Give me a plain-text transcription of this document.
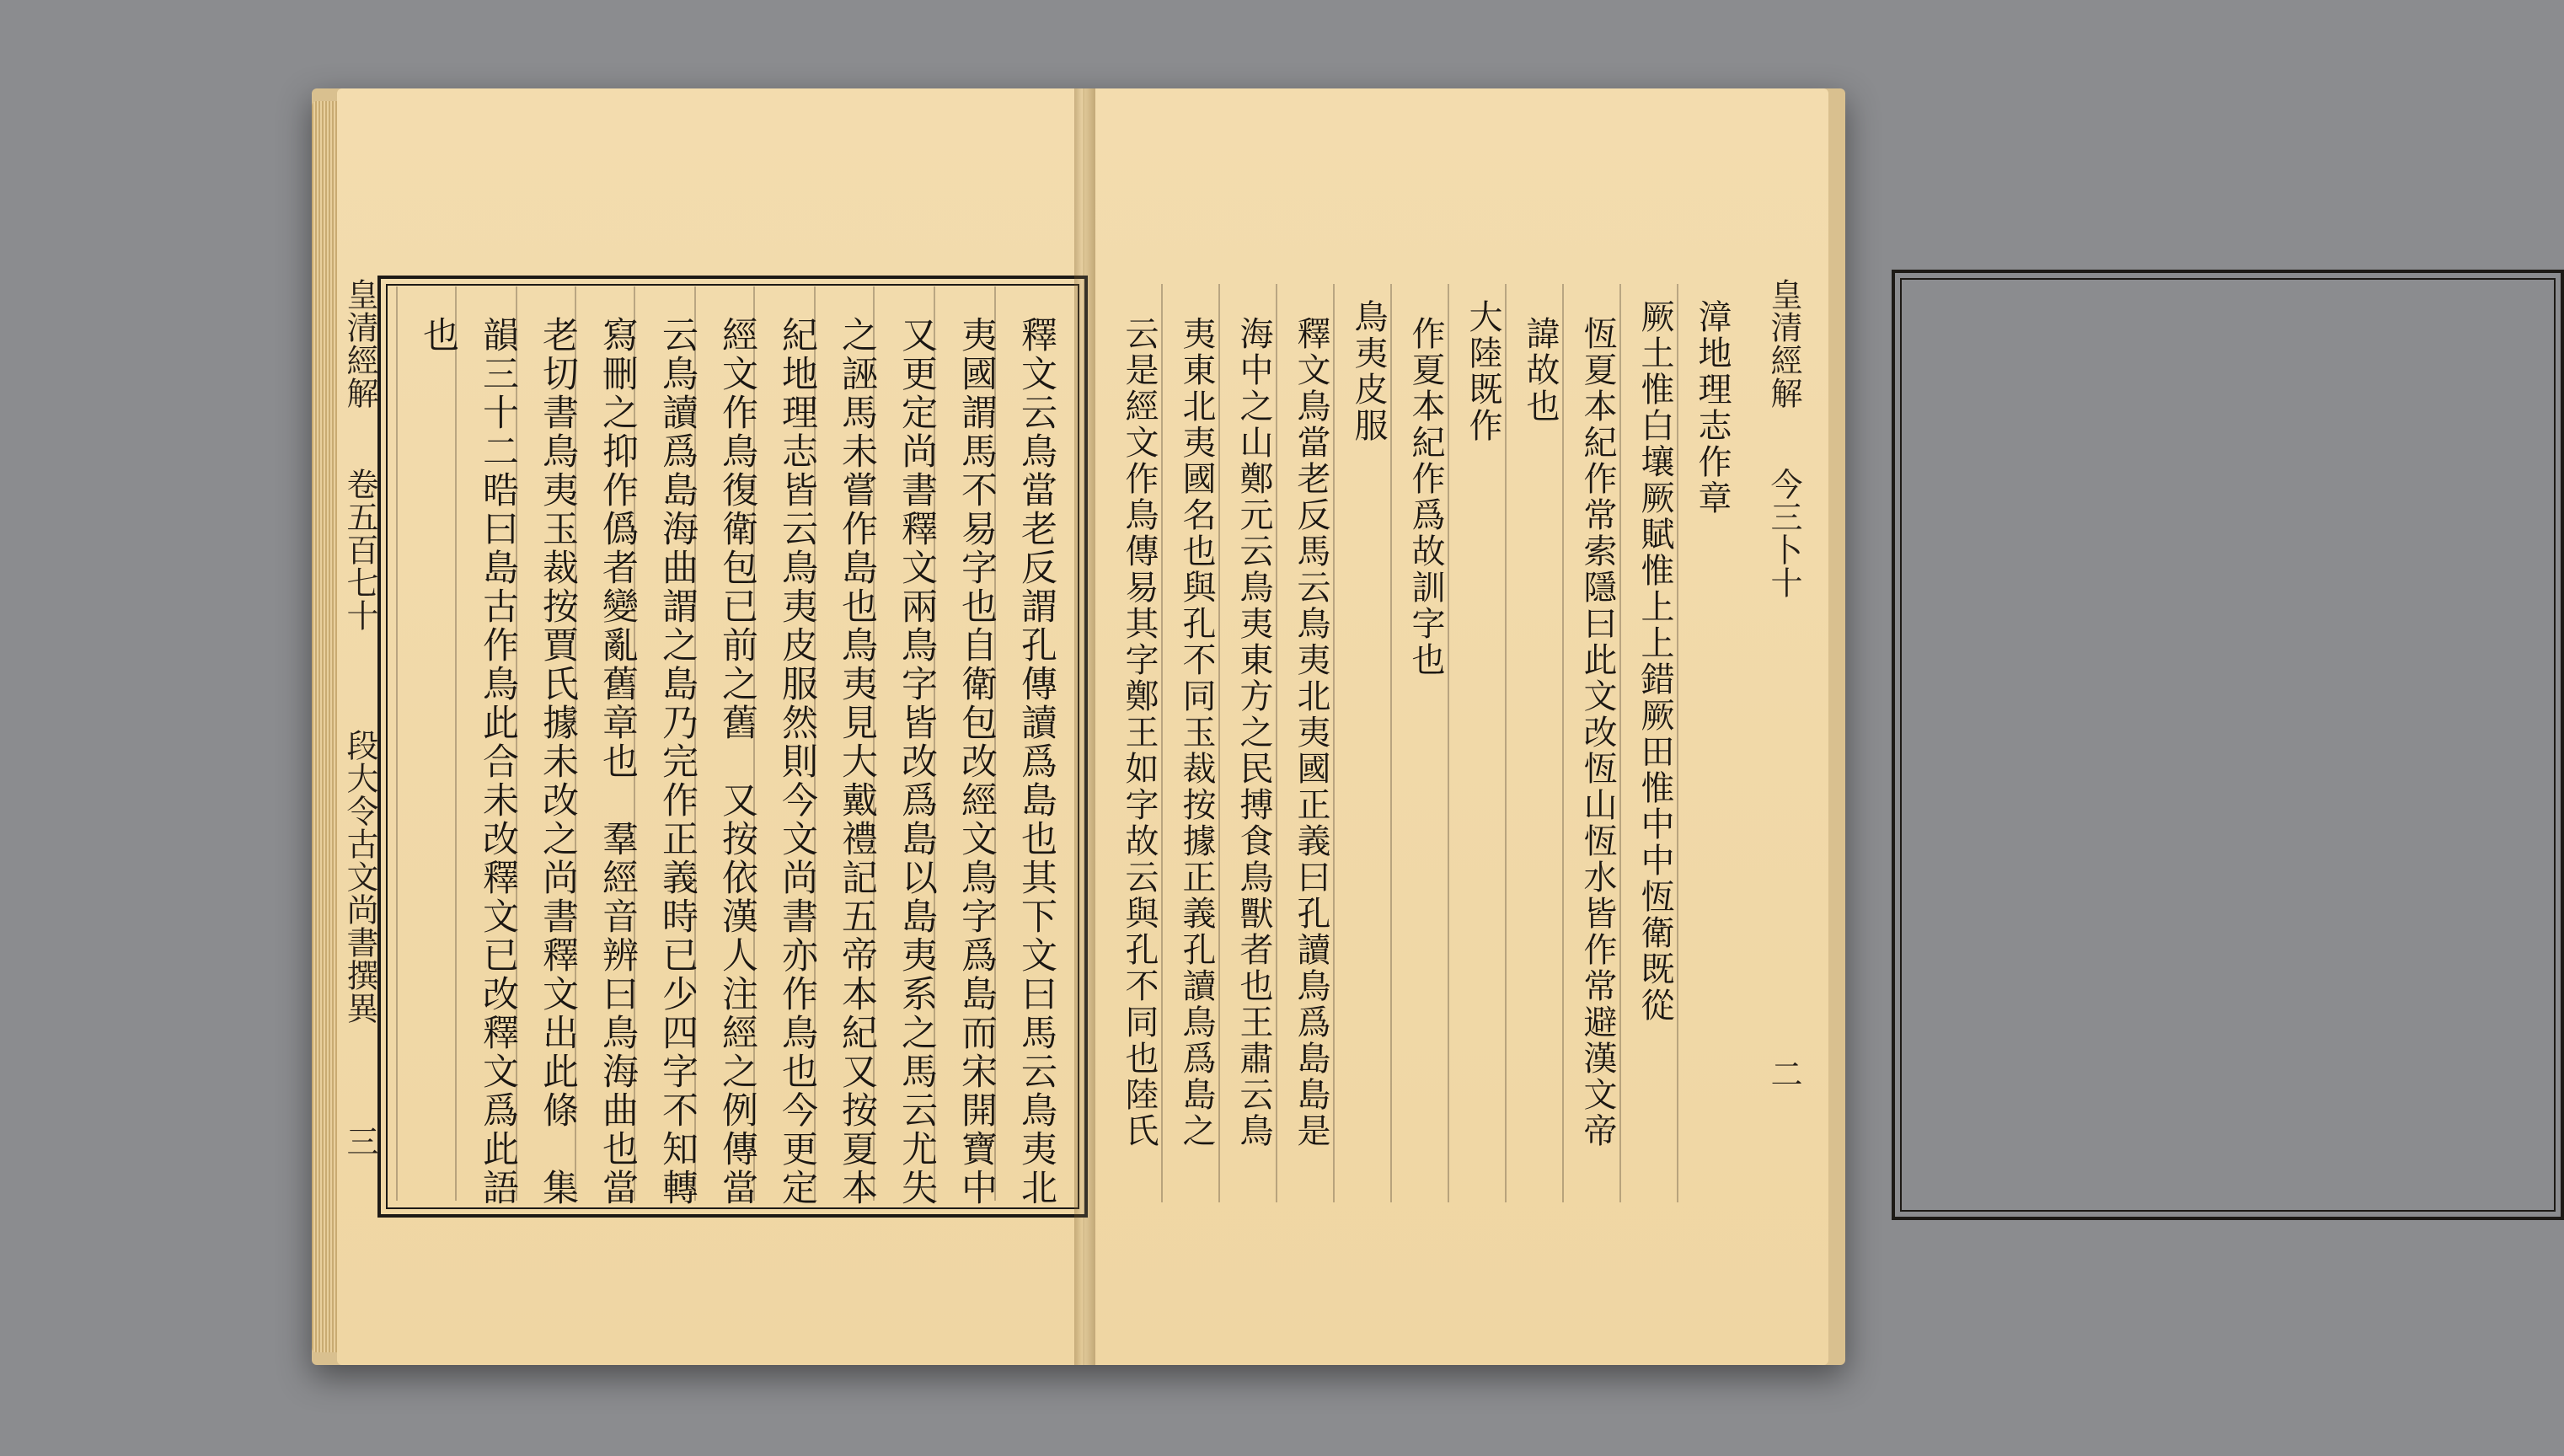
皇清經解
卷五百七十
段大令古文尚書撰異
三	釋文云鳥當老反謂孔傳讀爲島也其下文曰馬云鳥夷北
夷國謂馬不易字也自衛包改經文鳥字爲島而宋開寶中
又更定尚書釋文兩鳥字皆改爲島以島夷系之馬云尤失
之誣馬未嘗作島也鳥夷見大戴禮記五帝本紀又按夏本
紀地理志皆云鳥夷皮服然則今文尚書亦作鳥也今更定
經文作鳥復衛包已前之舊　又按依漢人注經之例傳當
云鳥讀爲島海曲謂之島乃完作正義時已少四字不知轉
寫刪之抑作僞者變亂舊章也　羣經音辨曰鳥海曲也當
老切書鳥夷玉裁按賈氏據未改之尚書釋文出此條　集
韻三十二晧曰島古作鳥此合未改釋文已改釋文爲此語
也	皇清經解
今三卜十
二
漳地理志作章
厥土惟白壤厥賦惟上上錯厥田惟中中恆衛既從
恆夏本紀作常索隱曰此文改恆山恆水皆作常避漢文帝
諱故也
大陸既作
作夏本紀作爲故訓字也
鳥夷皮服
釋文鳥當老反馬云鳥夷北夷國正義曰孔讀鳥爲島島是
海中之山鄭元云鳥夷東方之民搏食鳥獸者也王肅云鳥
夷東北夷國名也與孔不同玉裁按據正義孔讀鳥爲島之
云是經文作鳥傳易其字鄭王如字故云與孔不同也陸氏
